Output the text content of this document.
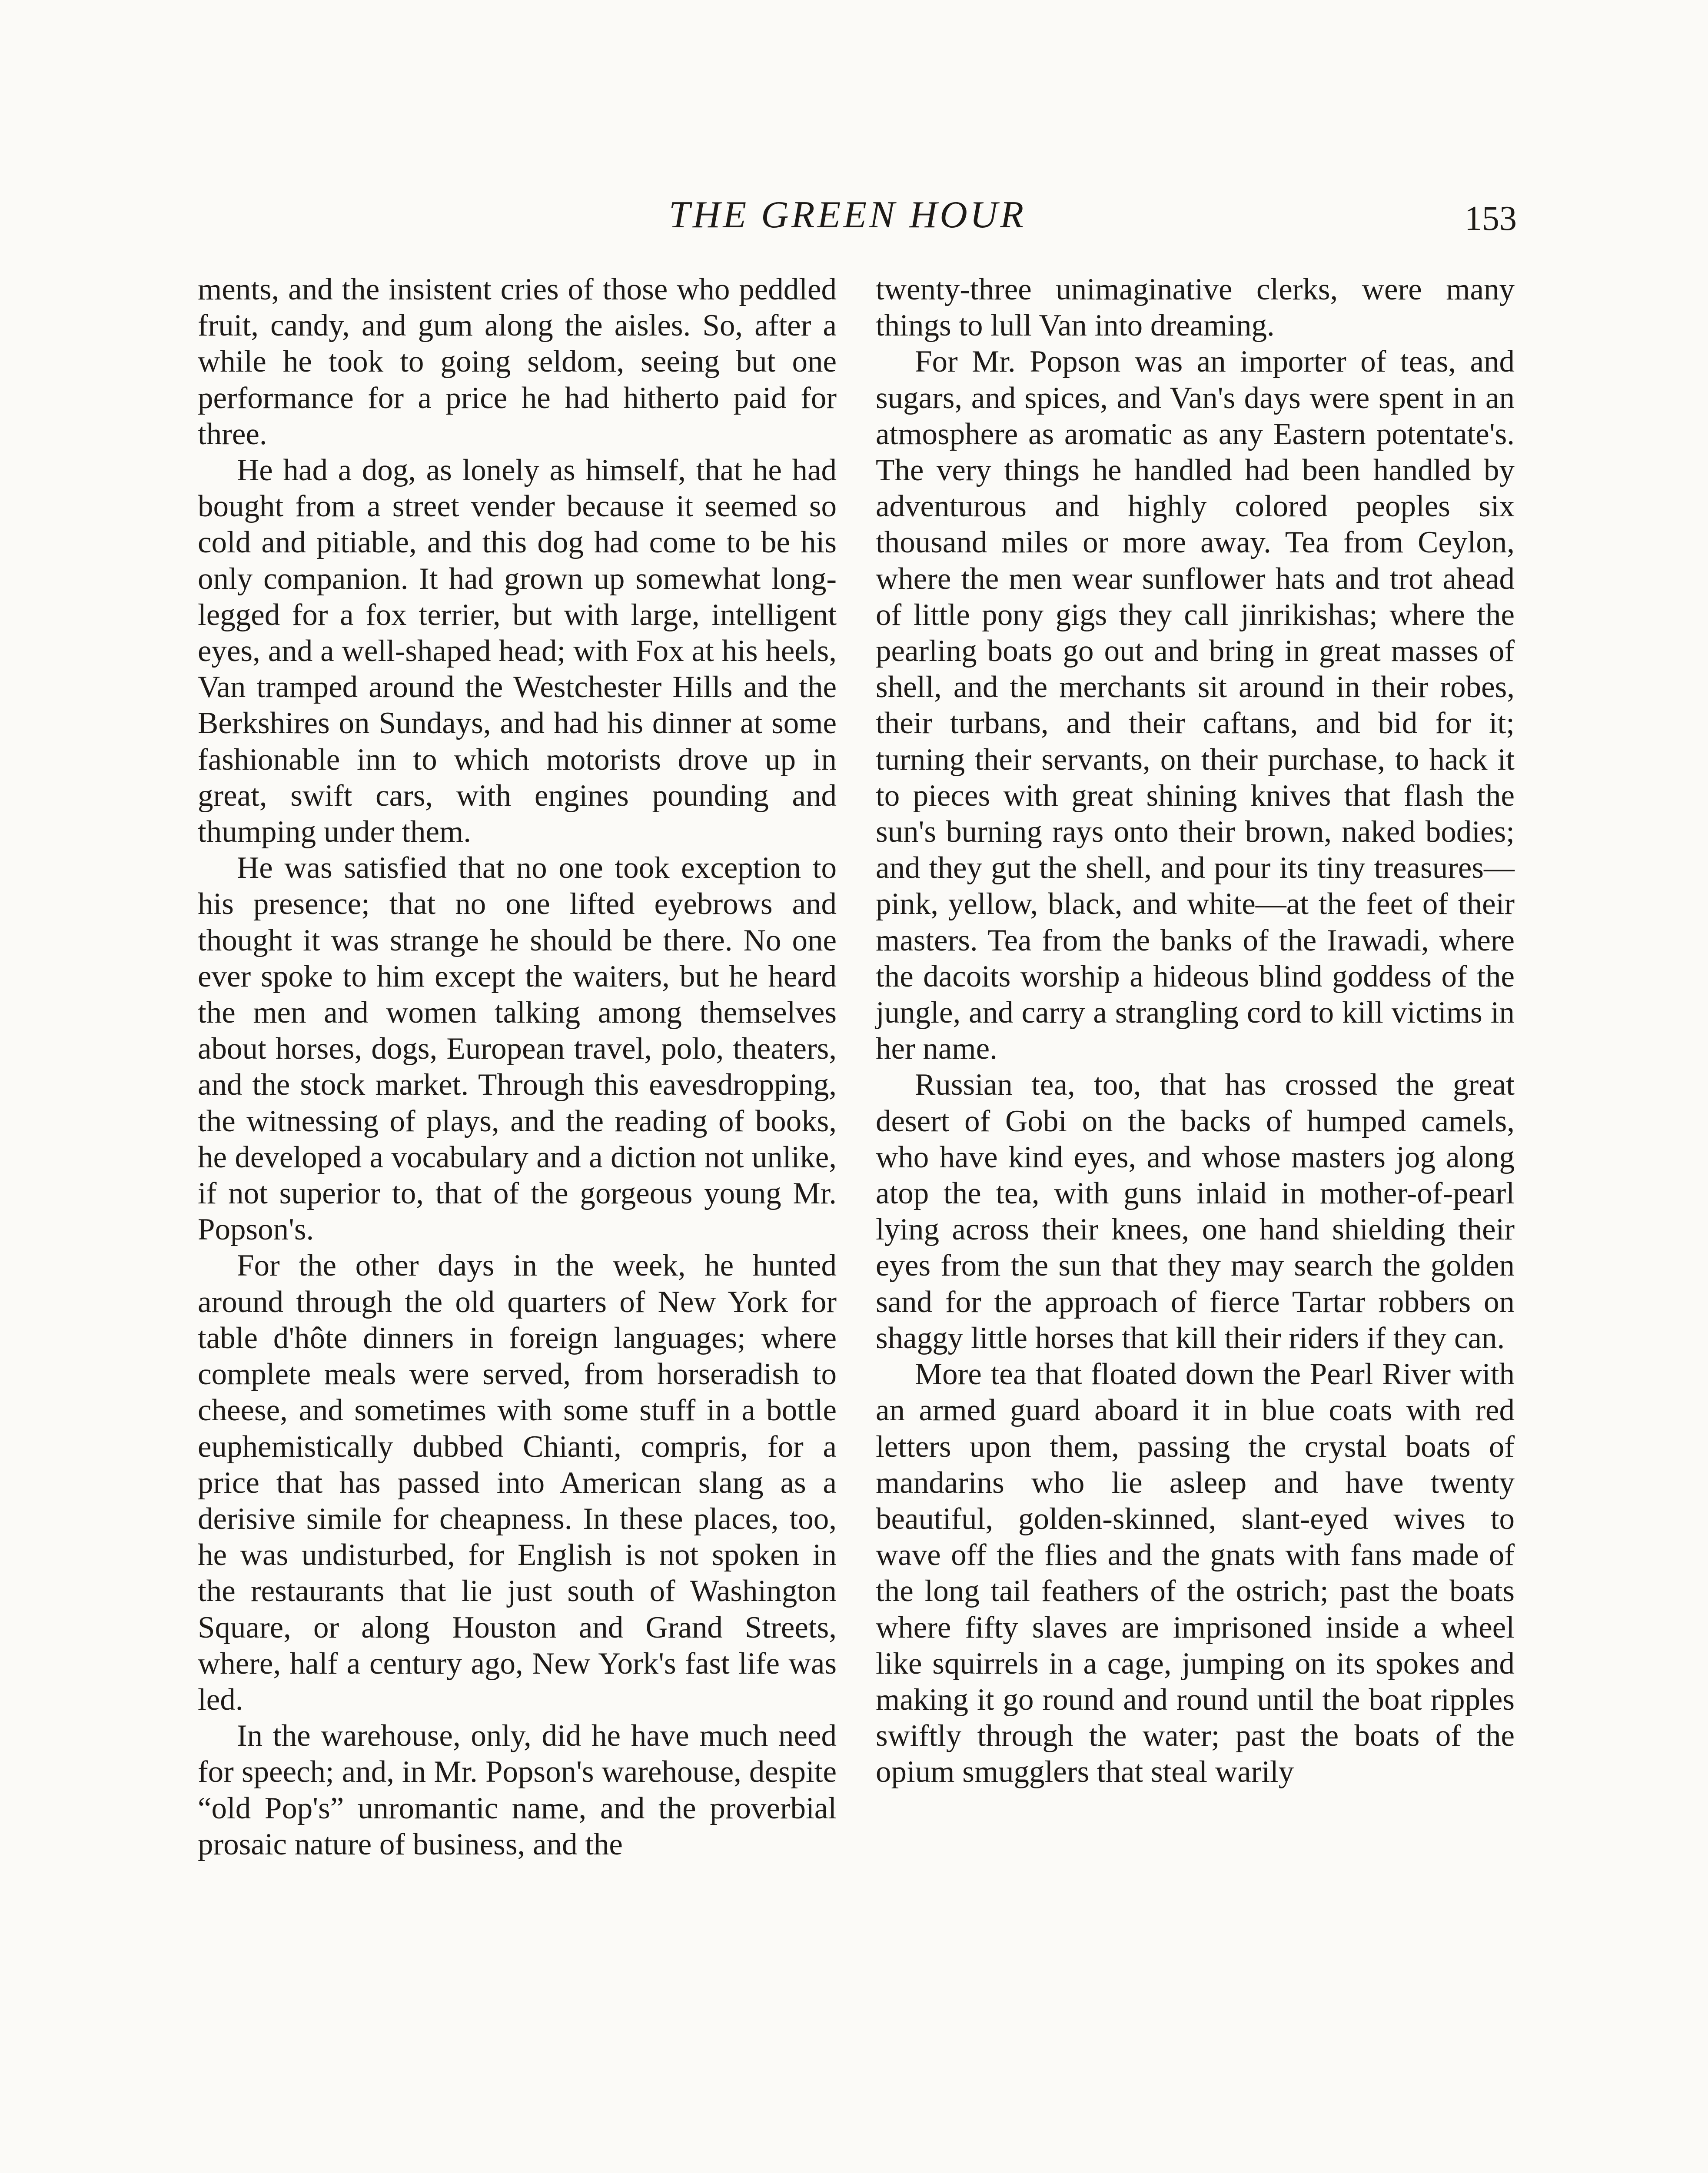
THE GREEN HOUR	153

ments, and the insistent cries of those who peddled fruit, candy, and gum along the aisles. So, after a while he took to going seldom, seeing but one performance for a price he had hitherto paid for three.

He had a dog, as lonely as himself, that he had bought from a street vender because it seemed so cold and pitiable, and this dog had come to be his only companion. It had grown up somewhat long-legged for a fox terrier, but with large, intelligent eyes, and a well-shaped head; with Fox at his heels, Van tramped around the Westchester Hills and the Berkshires on Sundays, and had his dinner at some fashionable inn to which motorists drove up in great, swift cars, with engines pounding and thumping under them.

He was satisfied that no one took exception to his presence; that no one lifted eyebrows and thought it was strange he should be there. No one ever spoke to him except the waiters, but he heard the men and women talking among themselves about horses, dogs, European travel, polo, theaters, and the stock market. Through this eavesdropping, the witnessing of plays, and the reading of books, he developed a vocabulary and a diction not unlike, if not superior to, that of the gorgeous young Mr. Popson's.

For the other days in the week, he hunted around through the old quarters of New York for table d'hôte dinners in foreign languages; where complete meals were served, from horseradish to cheese, and sometimes with some stuff in a bottle euphemistically dubbed Chianti, compris, for a price that has passed into American slang as a derisive simile for cheapness. In these places, too, he was undisturbed, for English is not spoken in the restaurants that lie just south of Washington Square, or along Houston and Grand Streets, where, half a century ago, New York's fast life was led.

In the warehouse, only, did he have much need for speech; and, in Mr. Popson's warehouse, despite “old Pop's” unromantic name, and the proverbial prosaic nature of business, and the

twenty-three unimaginative clerks, were many things to lull Van into dreaming.

For Mr. Popson was an importer of teas, and sugars, and spices, and Van's days were spent in an atmosphere as aromatic as any Eastern potentate's. The very things he handled had been handled by adventurous and highly colored peoples six thousand miles or more away. Tea from Ceylon, where the men wear sunflower hats and trot ahead of little pony gigs they call jinrikishas; where the pearling boats go out and bring in great masses of shell, and the merchants sit around in their robes, their turbans, and their caftans, and bid for it; turning their servants, on their purchase, to hack it to pieces with great shining knives that flash the sun's burning rays onto their brown, naked bodies; and they gut the shell, and pour its tiny treasures—pink, yellow, black, and white—at the feet of their masters. Tea from the banks of the Irawadi, where the dacoits worship a hideous blind goddess of the jungle, and carry a strangling cord to kill victims in her name.

Russian tea, too, that has crossed the great desert of Gobi on the backs of humped camels, who have kind eyes, and whose masters jog along atop the tea, with guns inlaid in mother-of-pearl lying across their knees, one hand shielding their eyes from the sun that they may search the golden sand for the approach of fierce Tartar robbers on shaggy little horses that kill their riders if they can.

More tea that floated down the Pearl River with an armed guard aboard it in blue coats with red letters upon them, passing the crystal boats of mandarins who lie asleep and have twenty beautiful, golden-skinned, slant-eyed wives to wave off the flies and the gnats with fans made of the long tail feathers of the ostrich; past the boats where fifty slaves are imprisoned inside a wheel like squirrels in a cage, jumping on its spokes and making it go round and round until the boat ripples swiftly through the water; past the boats of the opium smugglers that steal warily
